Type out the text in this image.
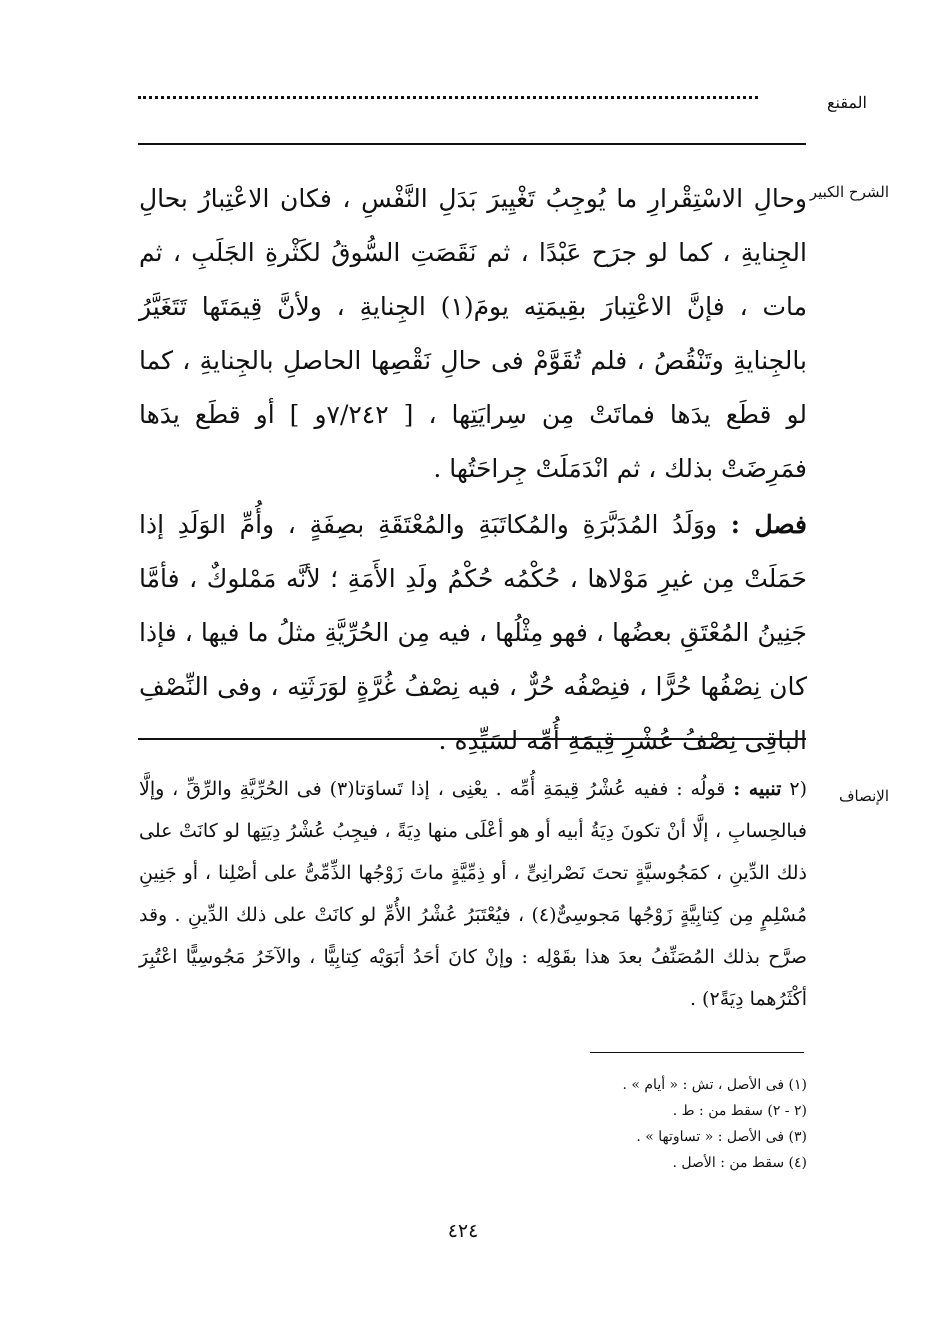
المقنع
الشرح الكبير

وحالِ الاسْتِقْرارِ ما يُوجِبُ تَغْيِيرَ بَدَلِ النَّفْسِ ، فكان الاعْتِبارُ بحالِ الجِنايةِ ، كما لو جرَح عَبْدًا ، ثم نَقَصَتِ السُّوقُ لكَثْرةِ الجَلَبِ ، ثم مات ، فإنَّ الاعْتِبارَ بقِيمَتِه يومَ(١) الجِنايةِ ، ولأنَّ قِيمَتَها تَتَغَيَّرُ بالجِنايةِ وتَنْقُصُ ، فلم تُقَوَّمْ فى حالِ نَقْصِها الحاصلِ بالجِنايةِ ، كما لو قطَع يدَها فماتَتْ مِن سِرايَتِها ، [ ٧/٢٤٢و ] أو قطَع يدَها فمَرِضَتْ بذلك ، ثم انْدَمَلَتْ جِراحَتُها .

فصل : ووَلَدُ المُدَبَّرَةِ والمُكاتَبَةِ والمُعْتَقَةِ بصِفَةٍ ، وأُمِّ الوَلَدِ إذا حَمَلَتْ مِن غيرِ مَوْلاها ، حُكْمُه حُكْمُ ولَدِ الأَمَةِ ؛ لأنَّه مَمْلوكٌ ، فأمَّا جَنِينُ المُعْتَقِ بعضُها ، فهو مِثْلُها ، فيه مِن الحُرِّيَّةِ مثلُ ما فيها ، فإذا كان نِصْفُها حُرًّا ، فنِصْفُه حُرٌّ ، فيه نِصْفُ غُرَّةٍ لوَرَثَتِه ، وفى النِّصْفِ الباقِى نِصْفُ عُشْرِ قِيمَةِ أُمِّه لسَيِّدِه .

الإنصاف

(٢ تنبيه : قولُه : ففيه عُشْرُ قِيمَةِ أُمِّه . يعْنِى ، إذا تَساوَتا(٣) فى الحُرِّيَّةِ والرِّقِّ ، وإلَّا فبالحِسابِ ، إلَّا أنْ تكونَ دِيَةُ أبيه أو هو أعْلَى منها دِيَةً ، فيجِبُ عُشْرُ دِيَتِها لو كانَتْ على ذلك الدِّينِ ، كمَجُوسيَّةٍ تحتَ نَصْرانِىٍّ ، أو ذِمِّيَّةٍ ماتَ زَوْجُها الذِّمِّىُّ على أصْلِنا ، أو جَنِينِ مُسْلِمٍ مِن كِتابِيَّةٍ زَوْجُها مَجوسِىٌّ(٤) ، فيُعْتَبَرُ عُشْرُ الأُمِّ لو كانَتْ على ذلك الدِّينِ . وقد صرَّح بذلك المُصَنِّفُ بعدَ هذا بقَوْلِه : وإنْ كانَ أحَدُ أبَوَيْه كِتابِيًّا ، والآخَرُ مَجُوسِيًّا اعْتُبِرَ أكْثَرُهما دِيَةً٢) .

(١) فى الأصل ، تش : « أيام » .
(٢ - ٢) سقط من : ط .
(٣) فى الأصل : « تساوتها » .
(٤) سقط من : الأصل .
٤٢٤
